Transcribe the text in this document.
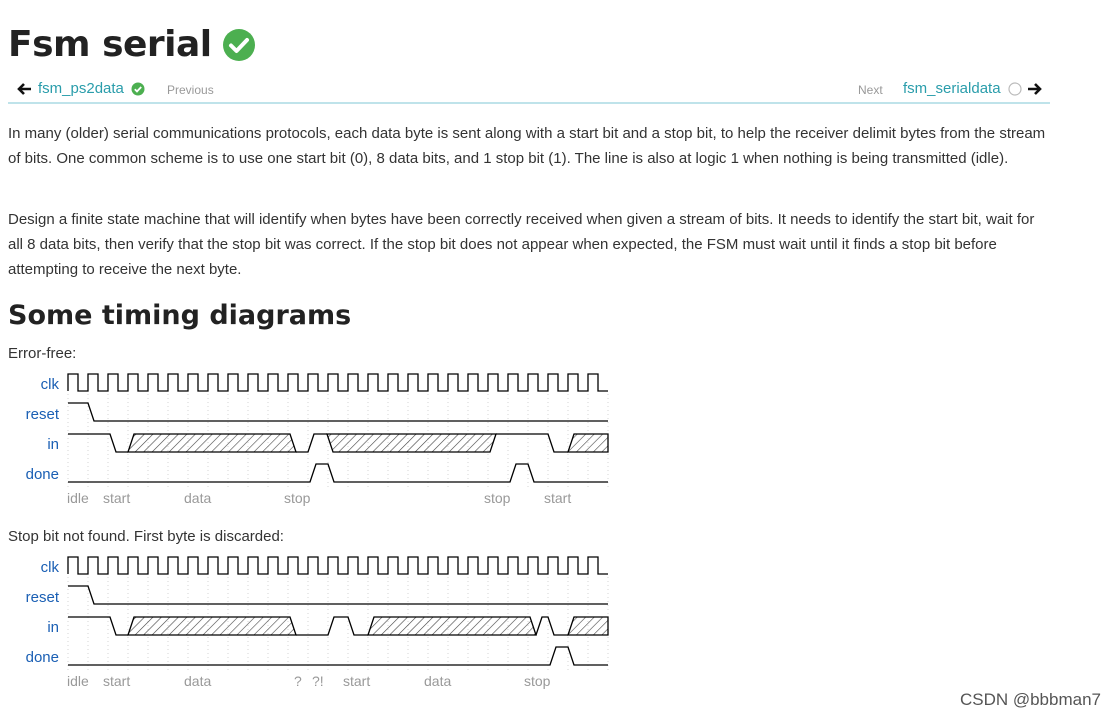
Fsm serial
fsm_ps2data	Previous	Next fsm_serialdata

In many (older) serial communications protocols, each data byte is sent along with a start bit and a stop bit, to help the receiver delimit bytes from the stream of bits. One common scheme is to use one start bit (0), 8 data bits, and 1 stop bit (1). The line is also at logic 1 when nothing is being transmitted (idle).

Design a finite state machine that will identify when bytes have been correctly received when given a stream of bits. It needs to identify the start bit, wait for all 8 data bits, then verify that the stop bit was correct. If the stop bit does not appear when expected, the FSM must wait until it finds a stop bit before attempting to receive the next byte.

Some timing diagrams
Error-free:
clk
reset
in
done
idle start	data	stop	stop start
Stop bit not found. First byte is discarded:
clk
reset
in
done
idle start	data	? ?! start	data	stop
CSDN @bbbman7
